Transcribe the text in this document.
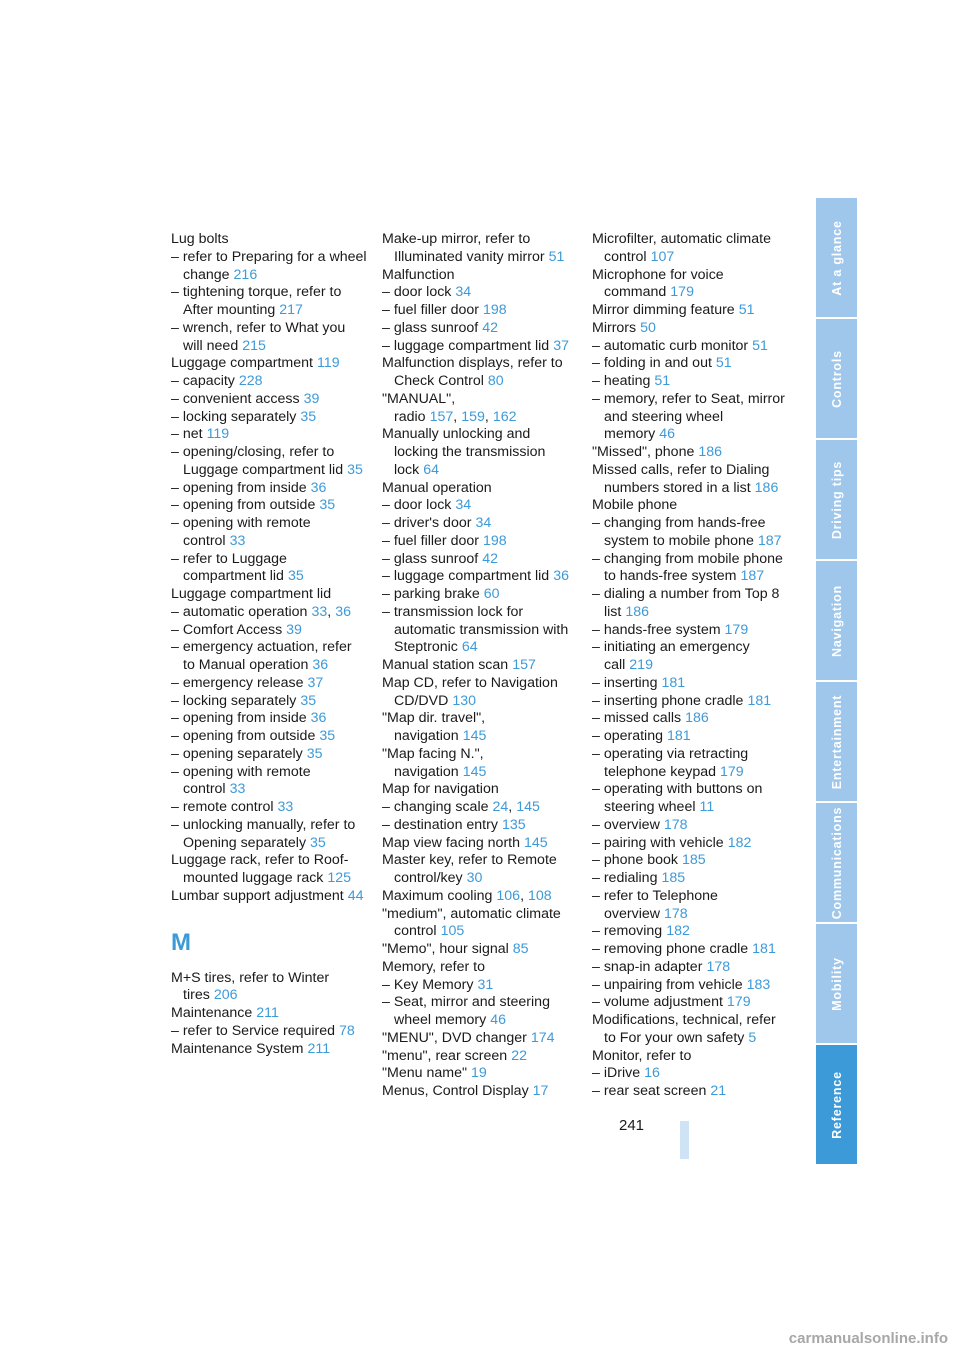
Lug bolts
– refer to Preparing for a wheel change 216
– tightening torque, refer to After mounting 217
– wrench, refer to What you will need 215
Luggage compartment 119
– capacity 228
– convenient access 39
– locking separately 35
– net 119
– opening/closing, refer to Luggage compartment lid 35
– opening from inside 36
– opening from outside 35
– opening with remote control 33
– refer to Luggage compartment lid 35
Luggage compartment lid
– automatic operation 33, 36
– Comfort Access 39
– emergency actuation, refer to Manual operation 36
– emergency release 37
– locking separately 35
– opening from inside 36
– opening from outside 35
– opening separately 35
– opening with remote control 33
– remote control 33
– unlocking manually, refer to Opening separately 35
Luggage rack, refer to Roof-mounted luggage rack 125
Lumbar support adjustment 44
M
M+S tires, refer to Winter tires 206
Maintenance 211
– refer to Service required 78
Maintenance System 211
Make-up mirror, refer to Illuminated vanity mirror 51
Malfunction
– door lock 34
– fuel filler door 198
– glass sunroof 42
– luggage compartment lid 37
Malfunction displays, refer to Check Control 80
"MANUAL", radio 157, 159, 162
Manually unlocking and locking the transmission lock 64
Manual operation
– door lock 34
– driver's door 34
– fuel filler door 198
– glass sunroof 42
– luggage compartment lid 36
– parking brake 60
– transmission lock for automatic transmission with Steptronic 64
Manual station scan 157
Map CD, refer to Navigation CD/DVD 130
"Map dir. travel", navigation 145
"Map facing N.", navigation 145
Map for navigation
– changing scale 24, 145
– destination entry 135
Map view facing north 145
Master key, refer to Remote control/key 30
Maximum cooling 106, 108
"medium", automatic climate control 105
"Memo", hour signal 85
Memory, refer to
– Key Memory 31
– Seat, mirror and steering wheel memory 46
"MENU", DVD changer 174
"menu", rear screen 22
"Menu name" 19
Menus, Control Display 17
Microfilter, automatic climate control 107
Microphone for voice command 179
Mirror dimming feature 51
Mirrors 50
– automatic curb monitor 51
– folding in and out 51
– heating 51
– memory, refer to Seat, mirror and steering wheel memory 46
"Missed", phone 186
Missed calls, refer to Dialing numbers stored in a list 186
Mobile phone
– changing from hands-free system to mobile phone 187
– changing from mobile phone to hands-free system 187
– dialing a number from Top 8 list 186
– hands-free system 179
– initiating an emergency call 219
– inserting 181
– inserting phone cradle 181
– missed calls 186
– operating 181
– operating via retracting telephone keypad 179
– operating with buttons on steering wheel 11
– overview 178
– pairing with vehicle 182
– phone book 185
– redialing 185
– refer to Telephone overview 178
– removing 182
– removing phone cradle 181
– snap-in adapter 178
– unpairing from vehicle 183
– volume adjustment 179
Modifications, technical, refer to For your own safety 5
Monitor, refer to
– iDrive 16
– rear seat screen 21
At a glance
Controls
Driving tips
Navigation
Entertainment
Communications
Mobility
Reference
241
carmanualsonline.info
